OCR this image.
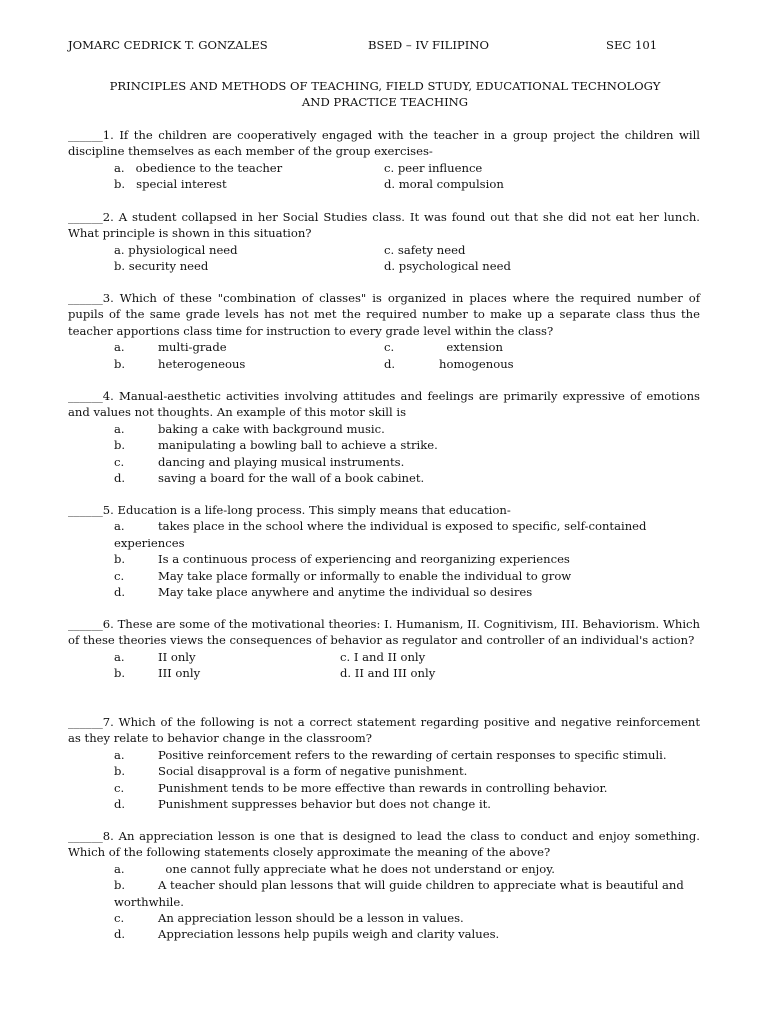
JOMARC CEDRICK T. GONZALES	BSED – IV FILIPINO	SEC 101
PRINCIPLES AND METHODS OF TEACHING, FIELD STUDY, EDUCATIONAL TECHNOLOGY
AND PRACTICE TEACHING

______1. If the children are cooperatively engaged with the teacher in a group project the children will discipline themselves as each member of the group exercises-

a.   obedience to the teacher	c. peer influence
b.   special interest	d. moral compulsion

______2. A student collapsed in her Social Studies class. It was found out that she did not eat her lunch. What principle is shown in this situation?

a. physiological need	c. safety need
b. security need	d. psychological need

______3. Which of these "combination of classes" is organized in places where the required number of pupils of the same grade levels has not met the required number to make up a separate class thus the teacher apportions class time for instruction to every grade level within the class?

a.	multi-grade	c.	extension
b.	heterogeneous	d.	homogenous

______4. Manual-aesthetic activities involving attitudes and feelings are primarily expressive of emotions and values not thoughts. An example of this motor skill is

a.	baking a cake with background music.
b.	manipulating a bowling ball to achieve a strike.
c.	dancing and playing musical instruments.
d.	saving a board for the wall of a book cabinet.

______5. Education is a life-long process. This simply means that education-

a.	takes place in the school where the individual is exposed to specific, self-contained experiences
b.	Is a continuous process of experiencing and reorganizing experiences
c.	May take place formally or informally to enable the individual to grow
d.	May take place anywhere and anytime the individual so desires

______6. These are some of the motivational theories: I. Humanism, II. Cognitivism, III. Behaviorism. Which of these theories views the consequences of behavior as regulator and controller of an individual's action?

a.	II only	c. I and II only
b.	III only	d. II and III only

______7. Which of the following is not a correct statement regarding positive and negative reinforcement as they relate to behavior change in the classroom?

a.	Positive reinforcement refers to the rewarding of certain responses to specific stimuli.
b.	Social disapproval is a form of negative punishment.
c.	Punishment tends to be more effective than rewards in controlling behavior.
d.	Punishment suppresses behavior but does not change it.

______8. An appreciation lesson is one that is designed to lead the class to conduct and enjoy something. Which of the following statements closely approximate the meaning of the above?

a.	one cannot fully appreciate what he does not understand or enjoy.
b.	A teacher should plan lessons that will guide children to appreciate what is beautiful and worthwhile.
c.	An appreciation lesson should be a lesson in values.
d.	Appreciation lessons help pupils weigh and clarity values.
